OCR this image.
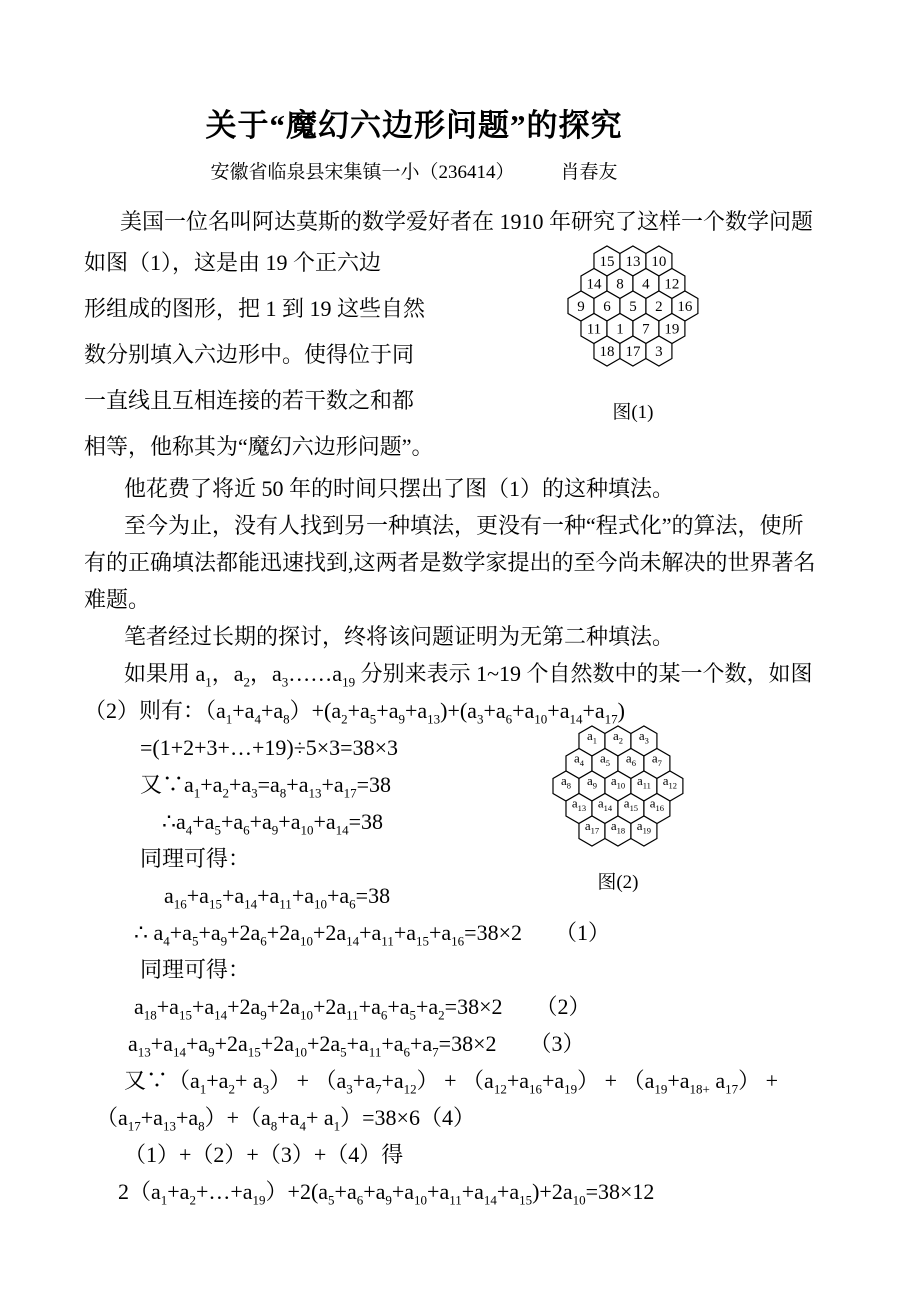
关于“魔幻六边形问题”的探究
安徽省临泉县宋集镇一小（236414） 肖春友
美国一位名叫阿达莫斯的数学爱好者在 1910 年研究了这样一个数学问题
如图（1），这是由 19 个正六边
形组成的图形，把 1 到 19 这些自然
数分别填入六边形中。使得位于同
一直线且互相连接的若干数之和都
相等，他称其为“魔幻六边形问题”。
他花费了将近 50 年的时间只摆出了图（1）的这种填法。
至今为止，没有人找到另一种填法，更没有一种“程式化”的算法，使所
有的正确填法都能迅速找到,这两者是数学家提出的至今尚未解决的世界著名
难题。
笔者经过长期的探讨，终将该问题证明为无第二种填法。
如果用 $a_1$，$a_2$，$a_3\dots\dots a_{19}$ 分别来表示 1~19 个自然数中的某一个数，如图
（2）则有：$(a_1+a_4+a_8)+(a_2+a_5+a_9+a_{13})+(a_3+a_6+a_{10}+a_{14}+a_{17})$
=(1+2+3+…+19)÷5×3=38×3
又$\because a_1+a_2+a_3=a_8+a_{13}+a_{17}=38$
$\therefore a_4+a_5+a_6+a_9+a_{10}+a_{14}=38$
同理可得：
$a_{16}+a_{15}+a_{14}+a_{11}+a_{10}+a_6=38$
∴ $a_4+a_5+a_9+2a_6+2a_{10}+2a_{14}+a_{11}+a_{15}+a_{16}=38\times 2$　　（1）
同理可得：
$a_{18}+a_{15}+a_{14}+2a_9+2a_{10}+2a_{11}+a_6+a_5+a_2=38\times 2$　　（2）
$a_{13}+a_{14}+a_9+2a_{15}+2a_{10}+2a_5+a_{11}+a_6+a_7=38\times 2$　　（3）
又$\because(a_1+a_2+ a_3) + (a_3+a_7+a_{12}) + (a_{12}+a_{16}+a_{19}) + (a_{19}+a_{18+}$ $a_{17}$） +
$(a_{17}+a_{13}+a_8)+(a_8+a_4+ a_1)=38\times 6(4)$
（1）+（2）+（3）+（4）得
$2(a_1+a_2+\dots+a_{19})+2(a_5+a_6+a_9+a_{10}+a_{11}+a_{14}+a_{15})+2a_{10}=38\times 12$
15 13 10
14 8 4 12
9 6 5 2 16
11 1 7 19
18 17 3
图(1)
$a_1$ $a_2$ $a_3$
$a_4$ $a_5$ $a_6$ $a_7$
$a_8$ $a_9$ $a_{10}$ $a_{11}$ $a_{12}$
$a_{13}$ $a_{14}$ $a_{15}$ $a_{16}$
$a_{17}$ $a_{18}$ $a_{19}$
图(2)
